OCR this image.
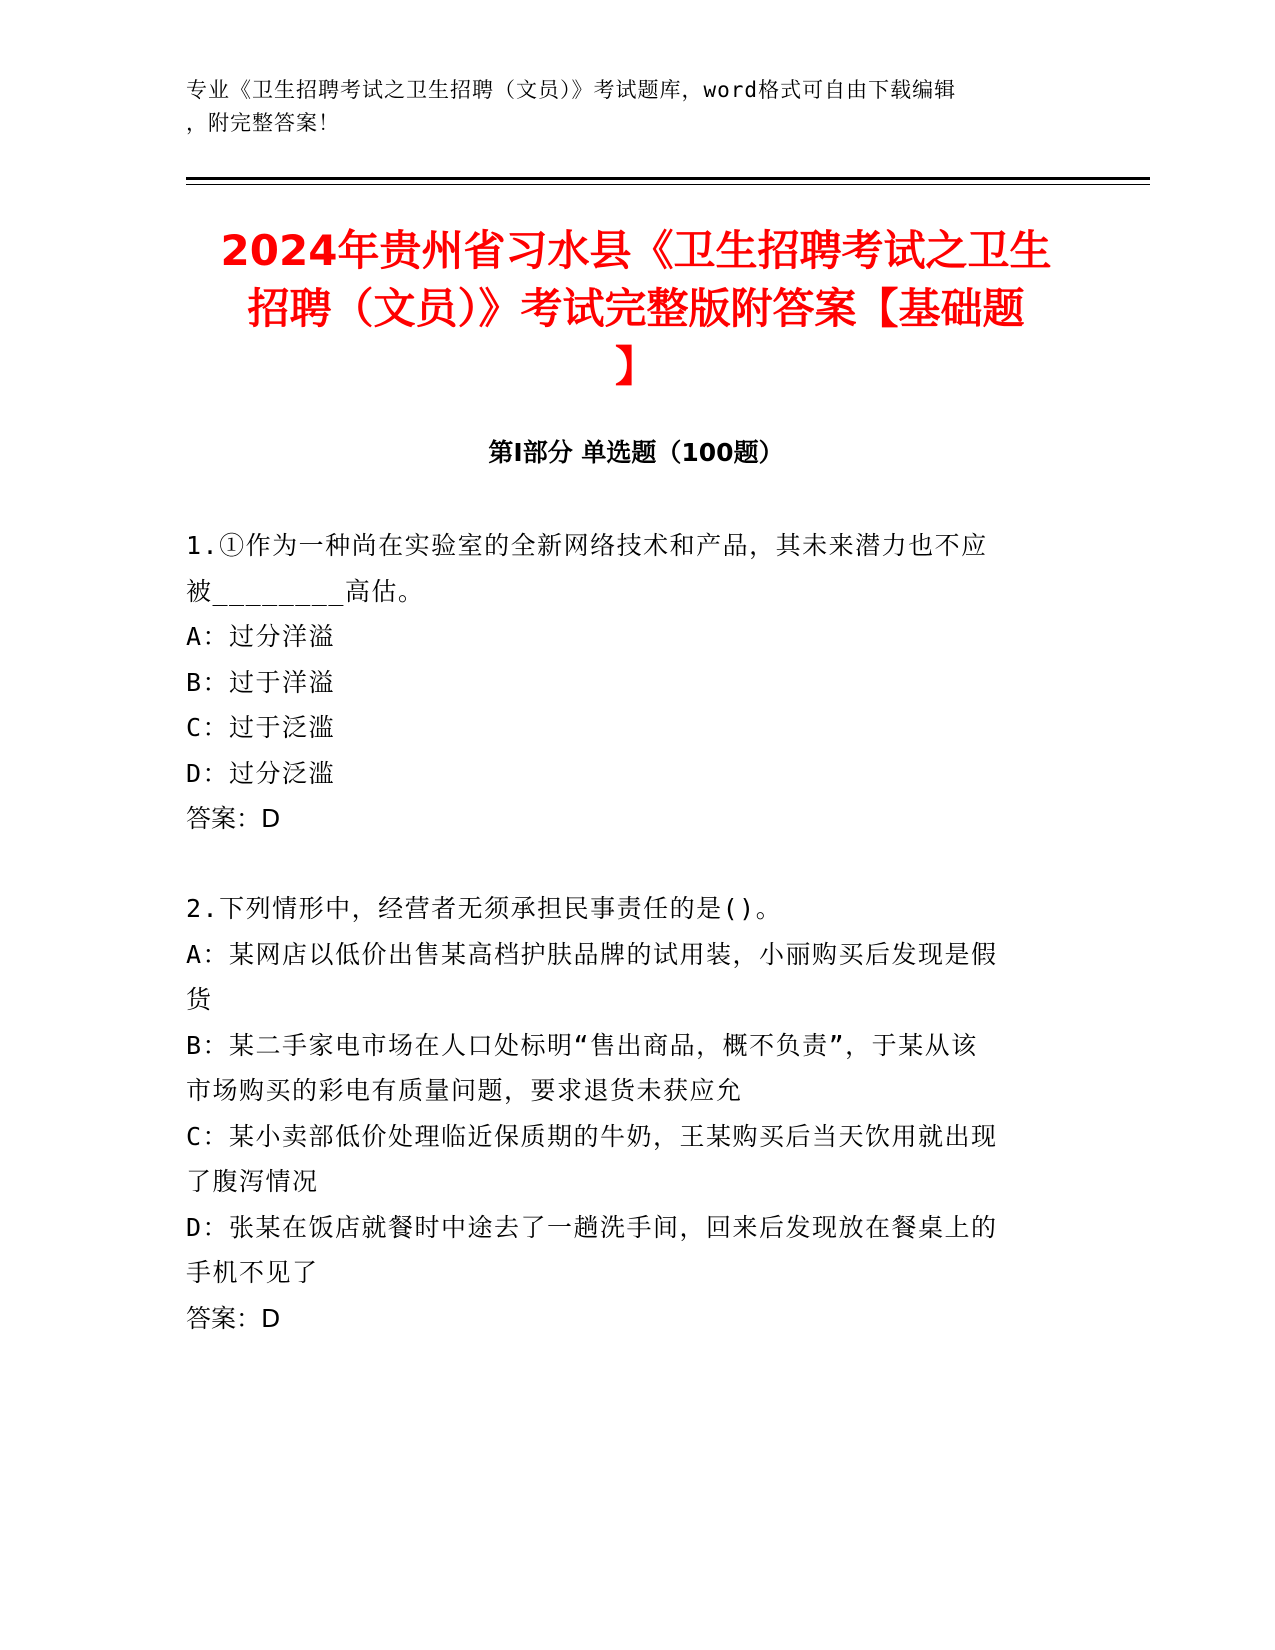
专业《卫生招聘考试之卫生招聘（文员）》考试题库，word格式可自由下载编辑
，附完整答案！
2024年贵州省习水县《卫生招聘考试之卫生
招聘（文员）》考试完整版附答案【基础题
】
第I部分 单选题（100题）
1.①作为一种尚在实验室的全新网络技术和产品，其未来潜力也不应
被________高估。
A：过分洋溢
B：过于洋溢
C：过于泛滥
D：过分泛滥
答案：D
2.下列情形中，经营者无须承担民事责任的是()。
A：某网店以低价出售某高档护肤品牌的试用装，小丽购买后发现是假
货
B：某二手家电市场在人口处标明“售出商品，概不负责”，于某从该
市场购买的彩电有质量问题，要求退货未获应允
C：某小卖部低价处理临近保质期的牛奶，王某购买后当天饮用就出现
了腹泻情况
D：张某在饭店就餐时中途去了一趟洗手间，回来后发现放在餐桌上的
手机不见了
答案：D
